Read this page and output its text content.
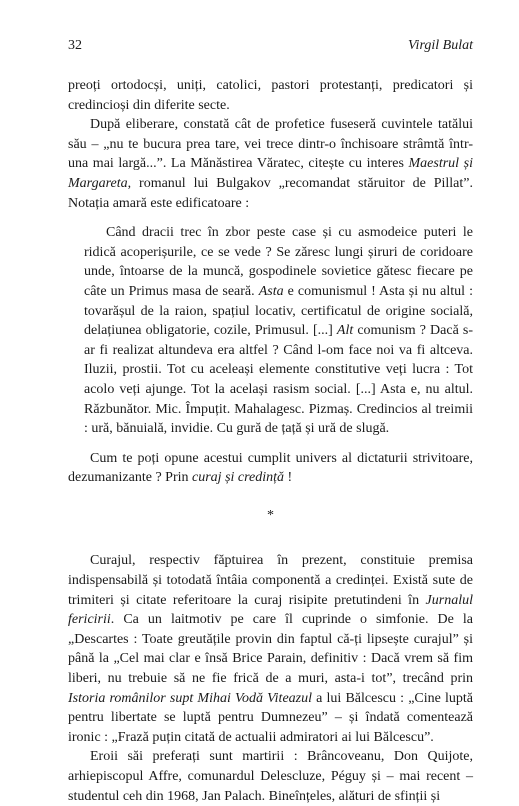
32	Virgil Bulat

preoți ortodocși, uniți, catolici, pastori protestanți, predicatori și credincioși din diferite secte.

După eliberare, constată cât de profetice fuseseră cuvintele tatălui său – „nu te bucura prea tare, vei trece dintr-o închisoare strâmtă într-una mai largă...”. La Mănăstirea Văratec, citește cu interes Maestrul și Margareta, romanul lui Bulgakov „recomandat stăruitor de Pillat”. Notația amară este edificatoare :

Când dracii trec în zbor peste case și cu asmodeice puteri le ridică acoperișurile, ce se vede ? Se zăresc lungi șiruri de coridoare unde, întoarse de la muncă, gospodinele sovietice gătesc fiecare pe câte un Primus masa de seară. Asta e comunismul ! Asta și nu altul : tovarășul de la raion, spațiul locativ, certificatul de origine socială, delațiunea obligatorie, cozile, Primusul. [...] Alt comunism ? Dacă s-ar fi realizat altundeva era altfel ? Când l-om face noi va fi altceva. Iluzii, prostii. Tot cu aceleași elemente constitutive veți lucra : Tot acolo veți ajunge. Tot la același rasism social. [...] Asta e, nu altul. Răzbunător. Mic. Împuțit. Mahalagesc. Pizmaș. Credincios al treimii : ură, bănuială, invidie. Cu gură de țață și ură de slugă.

Cum te poți opune acestui cumplit univers al dictaturii strivitoare, dezumanizante ? Prin curaj și credință !

*

Curajul, respectiv făptuirea în prezent, constituie premisa indispensabilă și totodată întâia componentă a credinței. Există sute de trimiteri și citate referitoare la curaj risipite pretutindeni în Jurnalul fericirii. Ca un laitmotiv pe care îl cuprinde o simfonie. De la „Descartes : Toate greutățile provin din faptul că-ți lipsește curajul” și până la „Cel mai clar e însă Brice Parain, definitiv : Dacă vrem să fim liberi, nu trebuie să ne fie frică de a muri, asta-i tot”, trecând prin Istoria românilor supt Mihai Vodă Viteazul a lui Bălcescu : „Cine luptă pentru libertate se luptă pentru Dumnezeu” – și îndată comentează ironic : „Frază puțin citată de actualii admiratori ai lui Bălcescu”.

Eroii săi preferați sunt martirii : Brâncoveanu, Don Quijote, arhiepiscopul Affre, comunardul Delescluze, Péguy și – mai recent – studentul ceh din 1968, Jan Palach. Bineînțeles, alături de sfinții și
